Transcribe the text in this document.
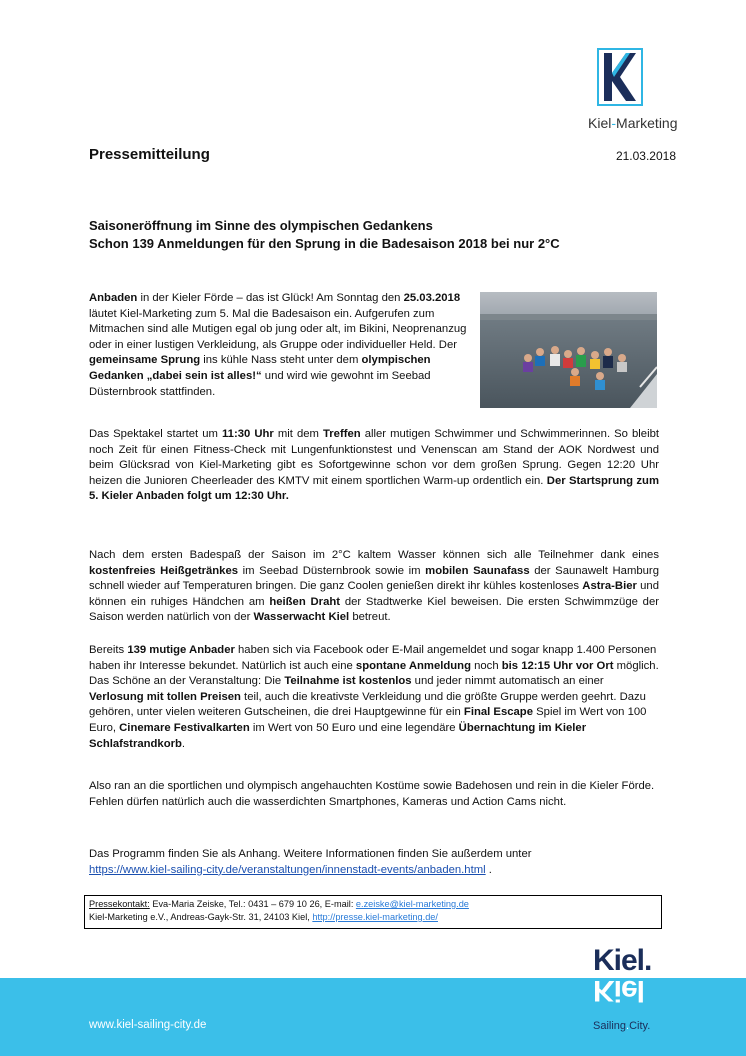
Kiel-Marketing
Pressemitteilung	21.03.2018
Saisoneröffnung im Sinne des olympischen Gedankens
Schon 139 Anmeldungen für den Sprung in die Badesaison 2018 bei nur 2°C
Anbaden in der Kieler Förde – das ist Glück! Am Sonntag den 25.03.2018 läutet Kiel-Marketing zum 5. Mal die Badesaison ein. Aufgerufen zum Mitmachen sind alle Mutigen egal ob jung oder alt, im Bikini, Neoprenanzug oder in einer lustigen Verkleidung, als Gruppe oder individueller Held. Der gemeinsame Sprung ins kühle Nass steht unter dem olympischen Gedanken „dabei sein ist alles!“ und wird wie gewohnt im Seebad Düsternbrook stattfinden.
Das Spektakel startet um 11:30 Uhr mit dem Treffen aller mutigen Schwimmer und Schwimmerinnen. So bleibt noch Zeit für einen Fitness-Check mit Lungenfunktionstest und Venenscan am Stand der AOK Nordwest und beim Glücksrad von Kiel-Marketing gibt es Sofortgewinne schon vor dem großen Sprung. Gegen 12:20 Uhr heizen die Junioren Cheerleader des KMTV mit einem sportlichen Warm-up ordentlich ein. Der Startsprung zum 5. Kieler Anbaden folgt um 12:30 Uhr.
Nach dem ersten Badespaß der Saison im 2°C kaltem Wasser können sich alle Teilnehmer dank eines kostenfreies Heißgetränkes im Seebad Düsternbrook sowie im mobilen Saunafass der Saunawelt Hamburg schnell wieder auf Temperaturen bringen. Die ganz Coolen genießen direkt ihr kühles kostenloses Astra-Bier und können ein ruhiges Händchen am heißen Draht der Stadtwerke Kiel beweisen. Die ersten Schwimmzüge der Saison werden natürlich von der Wasserwacht Kiel betreut.
Bereits 139 mutige Anbader haben sich via Facebook oder E-Mail angemeldet und sogar knapp 1.400 Personen haben ihr Interesse bekundet. Natürlich ist auch eine spontane Anmeldung noch bis 12:15 Uhr vor Ort möglich. Das Schöne an der Veranstaltung: Die Teilnahme ist kostenlos und jeder nimmt automatisch an einer Verlosung mit tollen Preisen teil, auch die kreativste Verkleidung und die größte Gruppe werden geehrt. Dazu gehören, unter vielen weiteren Gutscheinen, die drei Hauptgewinne für ein Final Escape Spiel im Wert von 100 Euro, Cinemare Festivalkarten im Wert von 50 Euro und eine legendäre Übernachtung im Kieler Schlafstrandkorb.
Also ran an die sportlichen und olympisch angehauchten Kostüme sowie Badehosen und rein in die Kieler Förde. Fehlen dürfen natürlich auch die wasserdichten Smartphones, Kameras und Action Cams nicht.
Das Programm finden Sie als Anhang. Weitere Informationen finden Sie außerdem unter
https://www.kiel-sailing-city.de/veranstaltungen/innenstadt-events/anbaden.html .
Pressekontakt: Eva-Maria Zeiske, Tel.: 0431 – 679 10 26, E-mail: e.zeiske@kiel-marketing.de
Kiel-Marketing e.V., Andreas-Gayk-Str. 31, 24103 Kiel, http://presse.kiel-marketing.de/
www.kiel-sailing-city.de
Kiel.
Kiel
Sailing.City.
